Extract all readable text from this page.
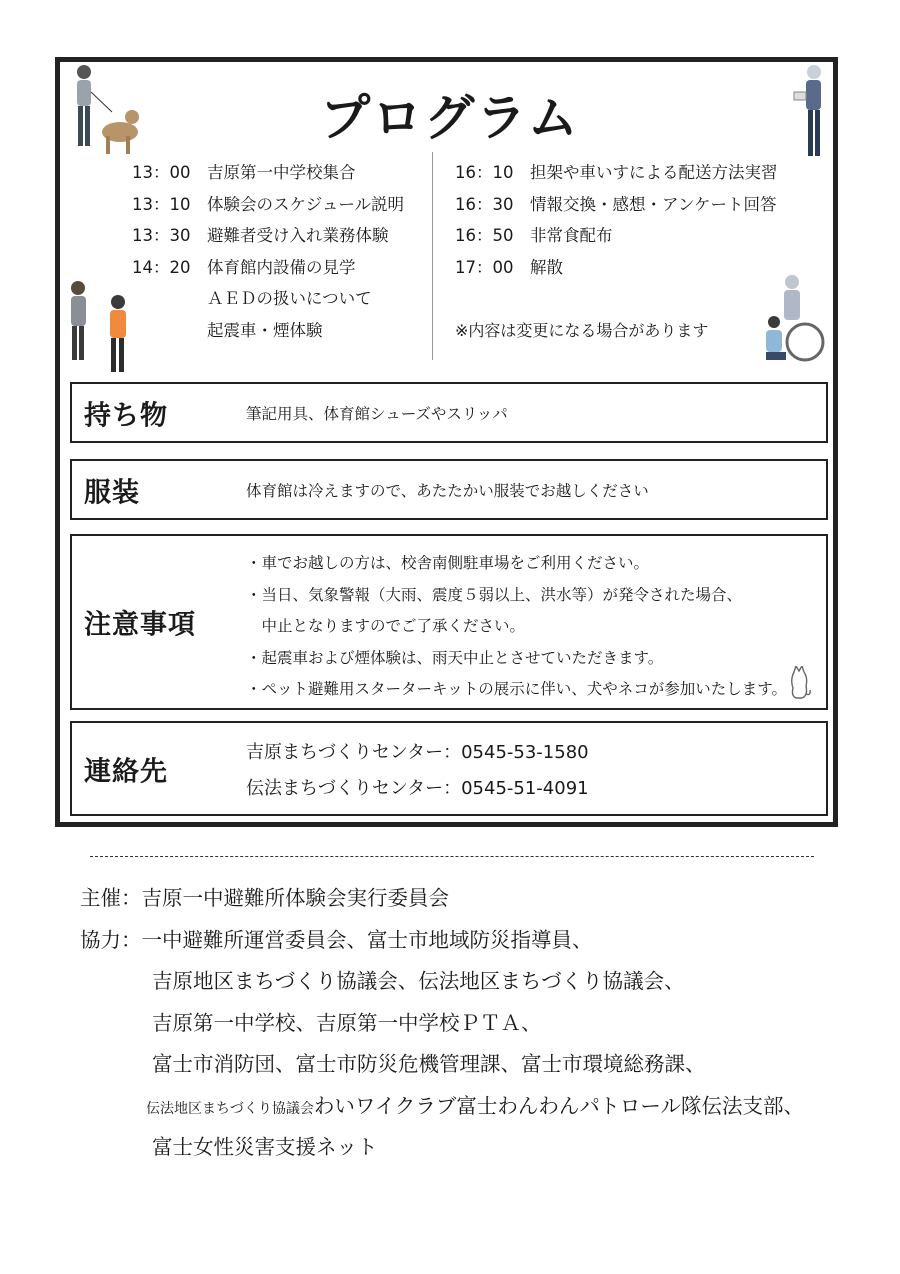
プログラム
13：00 吉原第一中学校集合
13：10 体験会のスケジュール説明
13：30 避難者受け入れ業務体験
14：20 体育館内設備の見学
ＡＥＤの扱いについて
起震車・煙体験
16：10 担架や車いすによる配送方法実習
16：30 情報交換・感想・アンケート回答
16：50 非常食配布
17：00 解散
※内容は変更になる場合があります
持ち物	筆記用具、体育館シューズやスリッパ
服装	体育館は冷えますので、あたたかい服装でお越しください
注意事項
・車でお越しの方は、校舎南側駐車場をご利用ください。
・当日、気象警報（大雨、震度５弱以上、洪水等）が発令された場合、
　中止となりますのでご了承ください。
・起震車および煙体験は、雨天中止とさせていただきます。
・ペット避難用スターターキットの展示に伴い、犬やネコが参加いたします。
連絡先
吉原まちづくりセンター：0545-53-1580
伝法まちづくりセンター：0545-51-4091
主催：吉原一中避難所体験会実行委員会
協力：一中避難所運営委員会、富士市地域防災指導員、
吉原地区まちづくり協議会、伝法地区まちづくり協議会、
吉原第一中学校、吉原第一中学校ＰＴＡ、
富士市消防団、富士市防災危機管理課、富士市環境総務課、
伝法地区まちづくり協議会わいワイクラブ富士わんわんパトロール隊伝法支部、
富士女性災害支援ネット
